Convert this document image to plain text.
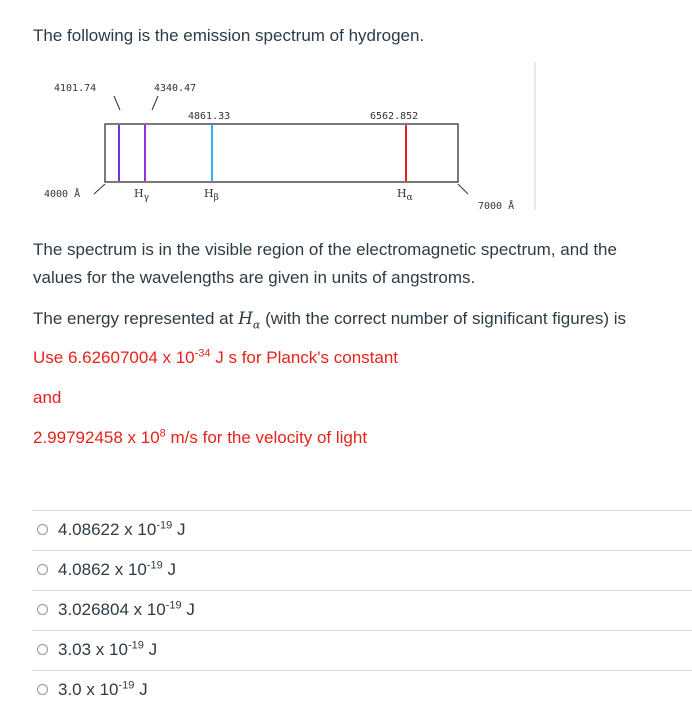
The following is the emission spectrum of hydrogen.
4101.74	4340.47
4861.33	6562.852
4000 Å
7000 Å
$H_\gamma$	$H_\beta$	$H_\alpha$
The spectrum is in the visible region of the electromagnetic spectrum, and the
values for the wavelengths are given in units of angstroms.
The energy represented at $H_\alpha$ (with the correct number of significant figures) is
Use 6.62607004 x $10^{-34}$ J s for Planck's constant
and
2.99792458 x $10^8$ m/s for the velocity of light
4.08622 x $10^{-19}$ J
4.0862 x $10^{-19}$ J
3.026804 x $10^{-19}$ J
3.03 x $10^{-19}$ J
3.0 x $10^{-19}$ J
